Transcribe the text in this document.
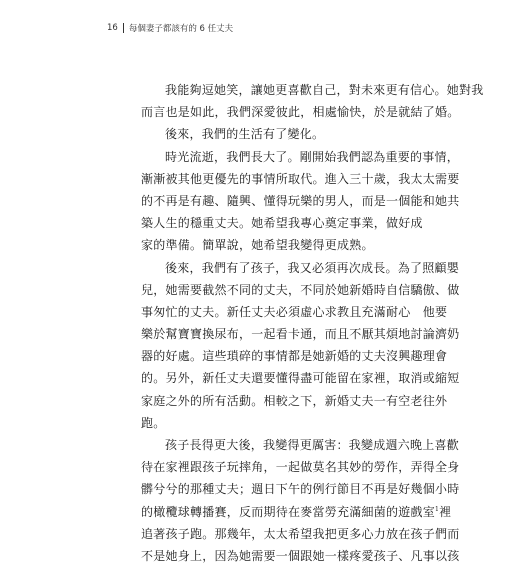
16 每個妻子都該有的 6 任丈夫
我能夠逗她笑，讓她更喜歡自己，對未來更有信心。她對我
而言也是如此，我們深愛彼此，相處愉快，於是就結了婚。
後來，我們的生活有了變化。
時光流逝，我們長大了。剛開始我們認為重要的事情，
漸漸被其他更優先的事情所取代。進入三十歲，我太太需要
的不再是有趣、隨興、懂得玩樂的男人，而是一個能和她共
築人生的穩重丈夫。她希望我專心奠定事業，做好成
家的準備。簡單說，她希望我變得更成熟。
後來，我們有了孩子，我又必須再次成長。為了照顧嬰
兒，她需要截然不同的丈夫，不同於她新婚時自信驕傲、做
事匆忙的丈夫。新任丈夫必須虛心求教且充滿耐心　他要
樂於幫寶寶換尿布，一起看卡通，而且不厭其煩地討論濟奶
器的好處。這些瑣碎的事情都是她新婚的丈夫沒興趣理會
的。另外，新任丈夫還要懂得盡可能留在家裡，取消或縮短
家庭之外的所有活動。相較之下，新婚丈夫一有空老往外
跑。
孩子長得更大後，我變得更厲害：我變成週六晚上喜歡
待在家裡跟孩子玩摔角，一起做莫名其妙的勞作，弄得全身
髒兮兮的那種丈夫；週日下午的例行節目不再是好幾個小時
的橄欖球轉播賽，反而期待在麥當勞充滿細菌的遊戲室$^1$裡
追著孩子跑。那幾年，太太希望我把更多心力放在孩子們而
不是她身上，因為她需要一個跟她一樣疼愛孩子、凡事以孩
